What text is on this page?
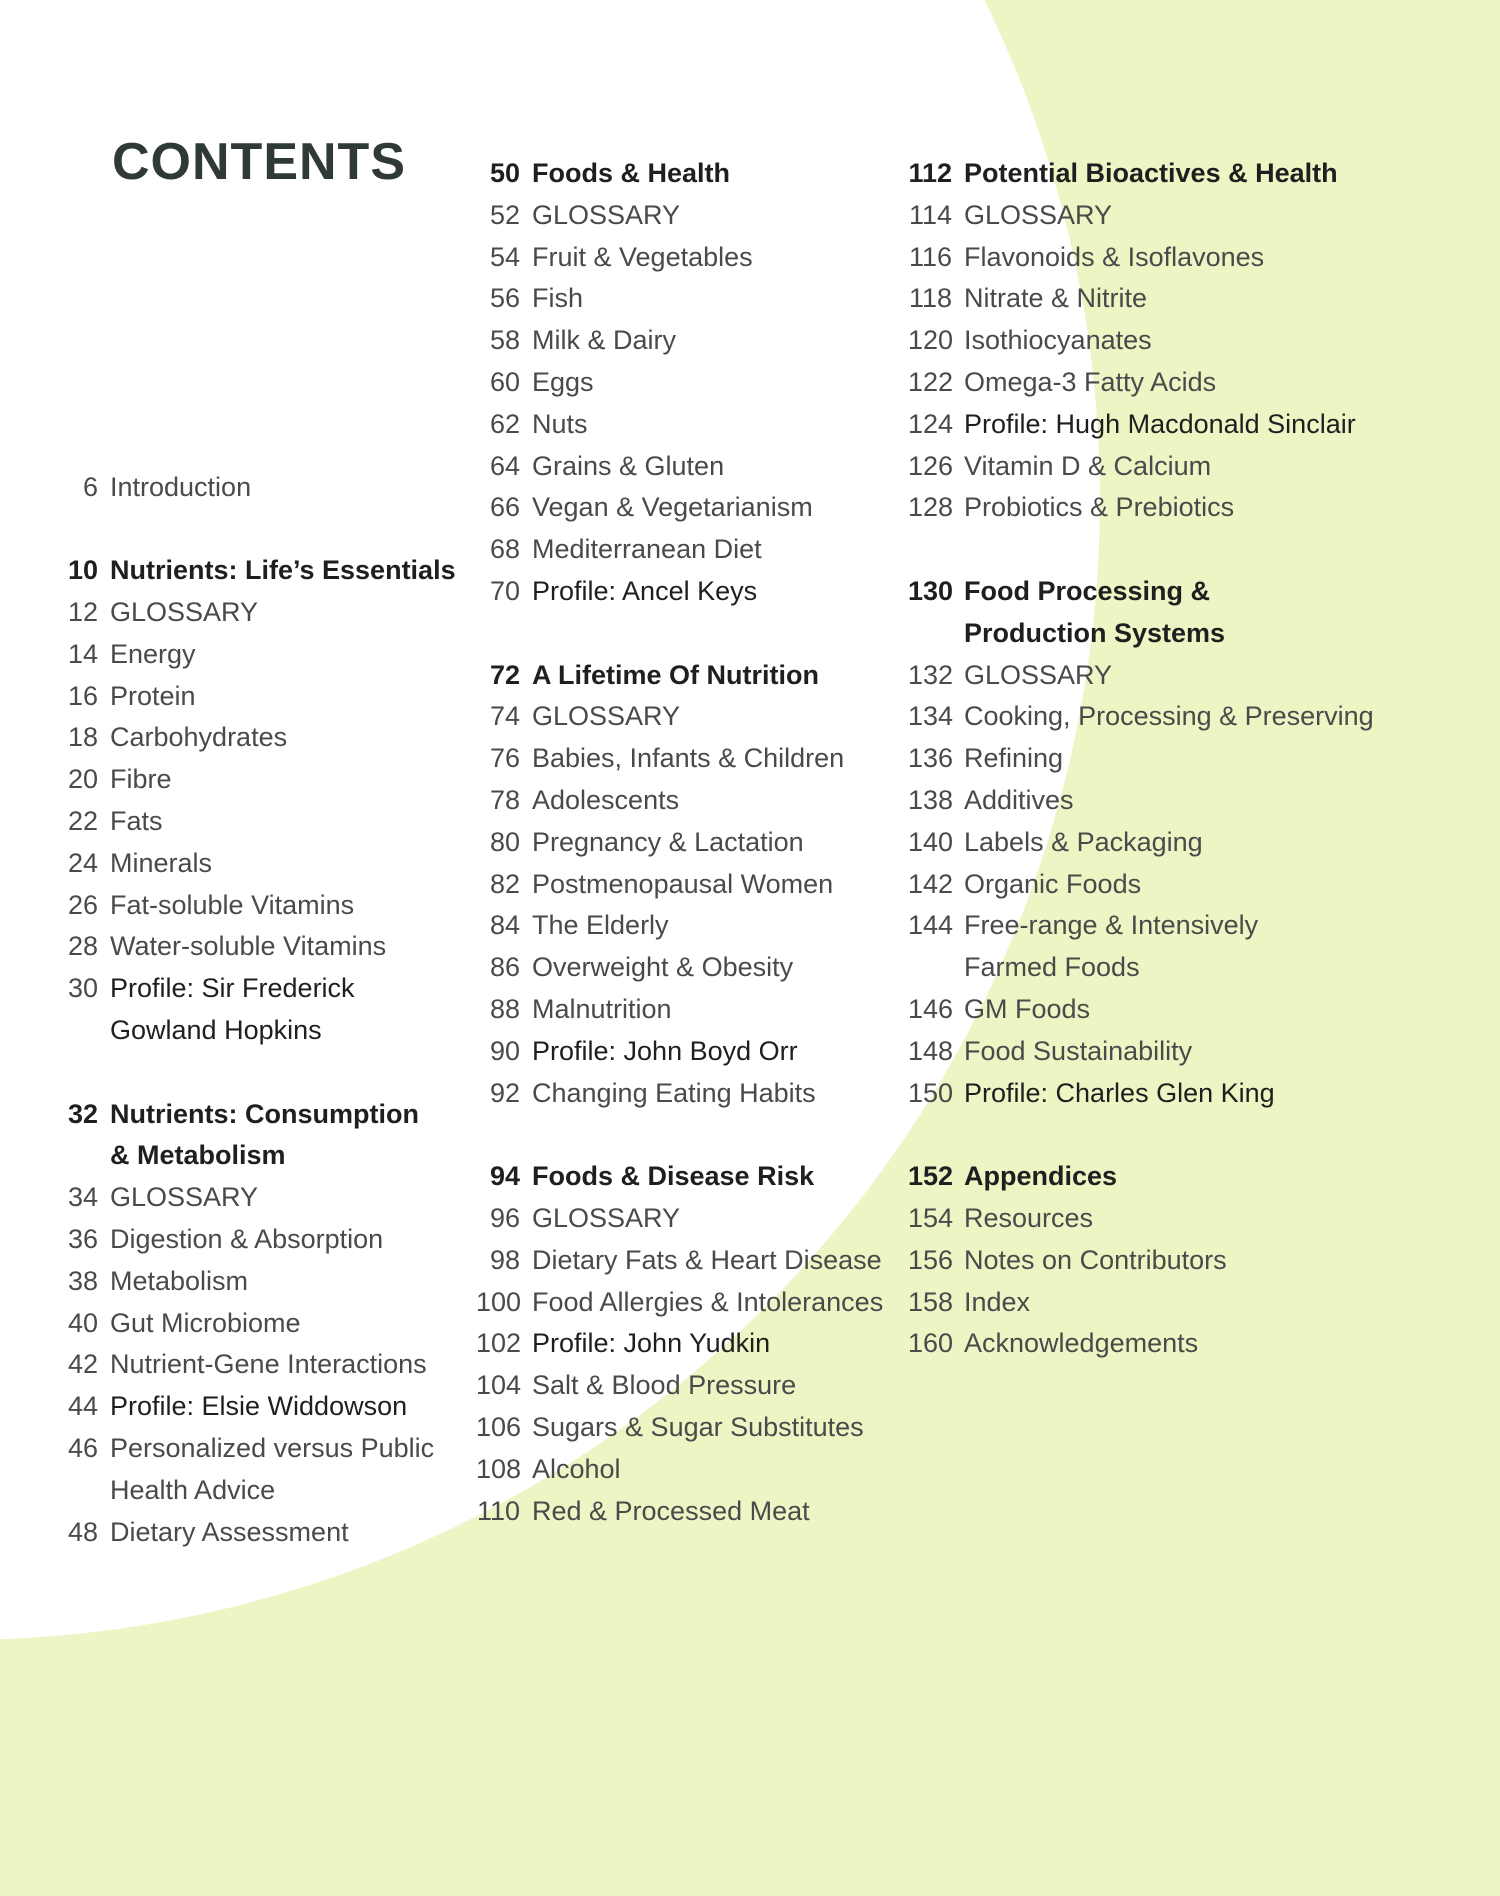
CONTENTS
6 Introduction
10 Nutrients: Life’s Essentials
12 GLOSSARY
14 Energy
16 Protein
18 Carbohydrates
20 Fibre
22 Fats
24 Minerals
26 Fat-soluble Vitamins
28 Water-soluble Vitamins
30 Profile: Sir Frederick
Gowland Hopkins
32 Nutrients: Consumption
& Metabolism
34 GLOSSARY
36 Digestion & Absorption
38 Metabolism
40 Gut Microbiome
42 Nutrient-Gene Interactions
44 Profile: Elsie Widdowson
46 Personalized versus Public
Health Advice
48 Dietary Assessment
50 Foods & Health
52 GLOSSARY
54 Fruit & Vegetables
56 Fish
58 Milk & Dairy
60 Eggs
62 Nuts
64 Grains & Gluten
66 Vegan & Vegetarianism
68 Mediterranean Diet
70 Profile: Ancel Keys
72 A Lifetime Of Nutrition
74 GLOSSARY
76 Babies, Infants & Children
78 Adolescents
80 Pregnancy & Lactation
82 Postmenopausal Women
84 The Elderly
86 Overweight & Obesity
88 Malnutrition
90 Profile: John Boyd Orr
92 Changing Eating Habits
94 Foods & Disease Risk
96 GLOSSARY
98 Dietary Fats & Heart Disease
100 Food Allergies & Intolerances
102 Profile: John Yudkin
104 Salt & Blood Pressure
106 Sugars & Sugar Substitutes
108 Alcohol
110 Red & Processed Meat
112 Potential Bioactives & Health
114 GLOSSARY
116 Flavonoids & Isoflavones
118 Nitrate & Nitrite
120 Isothiocyanates
122 Omega-3 Fatty Acids
124 Profile: Hugh Macdonald Sinclair
126 Vitamin D & Calcium
128 Probiotics & Prebiotics
130 Food Processing &
Production Systems
132 GLOSSARY
134 Cooking, Processing & Preserving
136 Refining
138 Additives
140 Labels & Packaging
142 Organic Foods
144 Free-range & Intensively
Farmed Foods
146 GM Foods
148 Food Sustainability
150 Profile: Charles Glen King
152 Appendices
154 Resources
156 Notes on Contributors
158 Index
160 Acknowledgements
